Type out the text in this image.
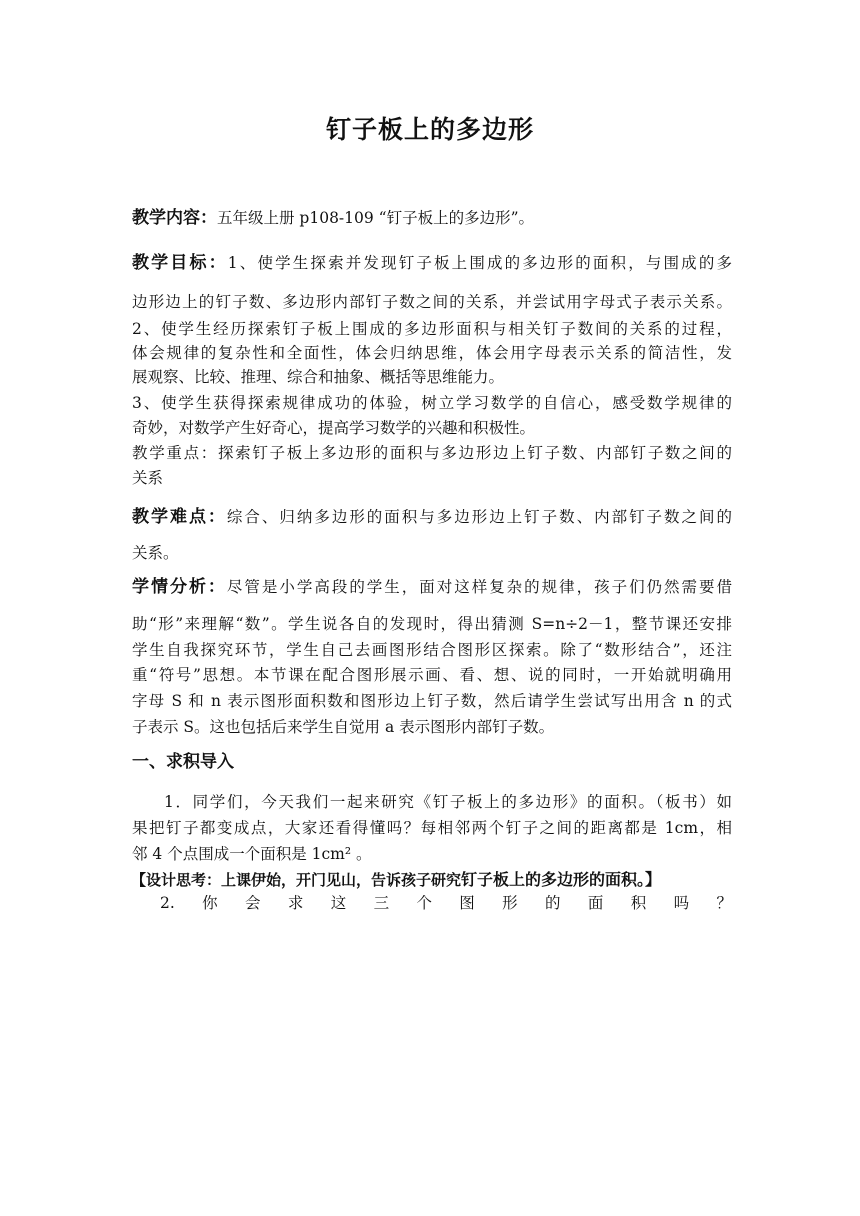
钉子板上的多边形
教学内容：五年级上册 p108-109 “钉子板上的多边形”。
教学目标：1、使学生探索并发现钉子板上围成的多边形的面积，与围成的多
边形边上的钉子数、多边形内部钉子数之间的关系，并尝试用字母式子表示关系。
2、使学生经历探索钉子板上围成的多边形面积与相关钉子数间的关系的过程，
体会规律的复杂性和全面性，体会归纳思维，体会用字母表示关系的简洁性，发
展观察、比较、推理、综合和抽象、概括等思维能力。
3、使学生获得探索规律成功的体验，树立学习数学的自信心，感受数学规律的
奇妙，对数学产生好奇心，提高学习数学的兴趣和积极性。
教学重点：探索钉子板上多边形的面积与多边形边上钉子数、内部钉子数之间的
关系
教学难点：综合、归纳多边形的面积与多边形边上钉子数、内部钉子数之间的
关系。
学情分析：尽管是小学高段的学生，面对这样复杂的规律，孩子们仍然需要借
助“形”来理解“数”。学生说各自的发现时，得出猜测 S=n÷2－1，整节课还安排
学生自我探究环节，学生自己去画图形结合图形区探索。除了“数形结合”，还注
重“符号”思想。本节课在配合图形展示画、看、想、说的同时，一开始就明确用
字母 S 和 n 表示图形面积数和图形边上钉子数，然后请学生尝试写出用含 n 的式
子表示 S。这也包括后来学生自觉用 a 表示图形内部钉子数。
一、求积导入
1．同学们，今天我们一起来研究《钉子板上的多边形》的面积。（板书）如
果把钉子都变成点，大家还看得懂吗？每相邻两个钉子之间的距离都是 1cm，相
邻 4 个点围成一个面积是 1cm² 。
【设计思考：上课伊始，开门见山，告诉孩子研究钉子板上的多边形的面积。】
2. 你 会 求 这 三 个 图 形 的 面 积 吗 ？
